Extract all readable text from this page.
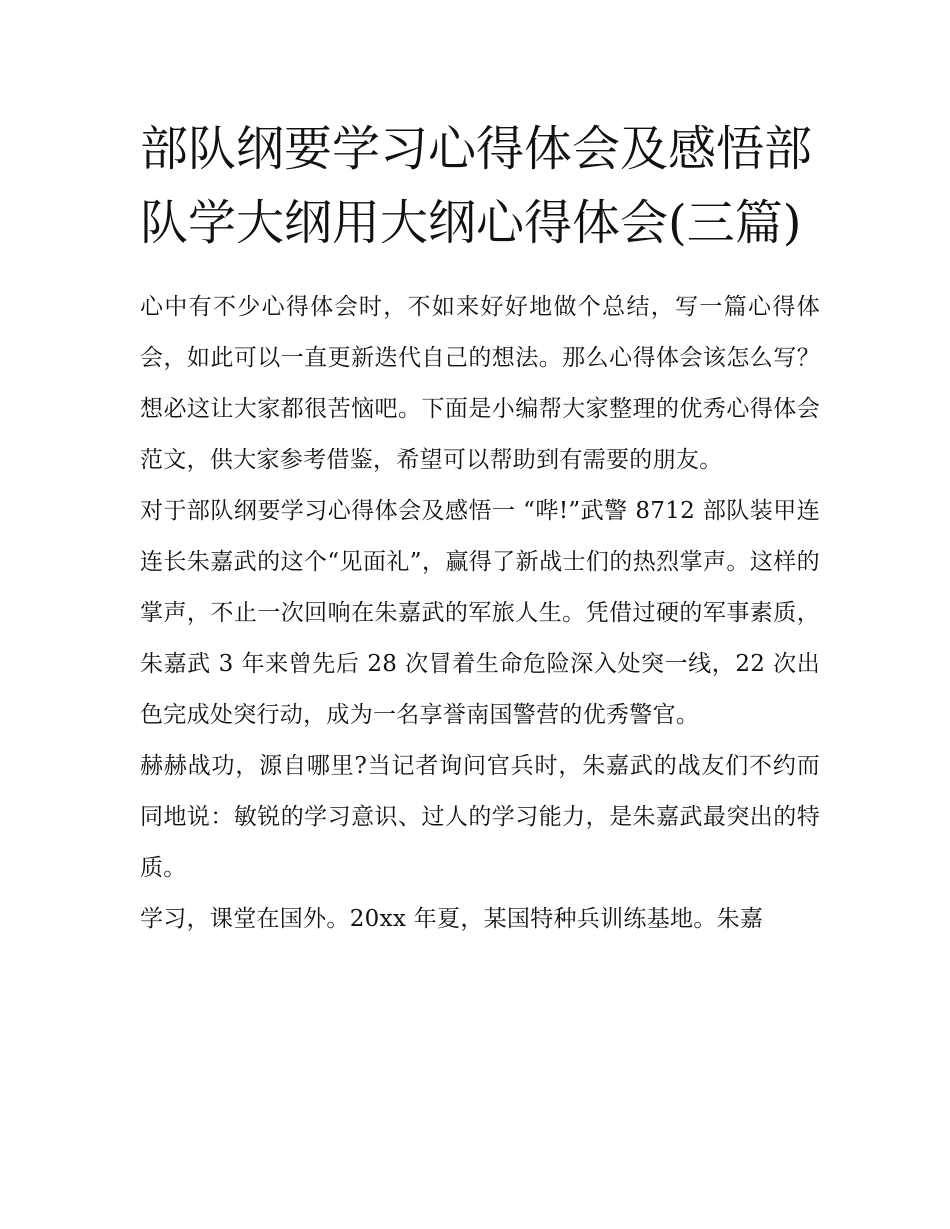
部队纲要学习心得体会及感悟部队学大纲用大纲心得体会(三篇)

心中有不少心得体会时，不如来好好地做个总结，写一篇心得体会，如此可以一直更新迭代自己的想法。那么心得体会该怎么写？想必这让大家都很苦恼吧。下面是小编帮大家整理的优秀心得体会范文，供大家参考借鉴，希望可以帮助到有需要的朋友。

对于部队纲要学习心得体会及感悟一 “哔!”武警 8712 部队装甲连连长朱嘉武的这个“见面礼”，赢得了新战士们的热烈掌声。这样的掌声，不止一次回响在朱嘉武的军旅人生。凭借过硬的军事素质，朱嘉武 3 年来曾先后 28 次冒着生命危险深入处突一线，22 次出色完成处突行动，成为一名享誉南国警营的优秀警官。

赫赫战功，源自哪里?当记者询问官兵时，朱嘉武的战友们不约而同地说：敏锐的学习意识、过人的学习能力，是朱嘉武最突出的特质。

学习，课堂在国外。20xx 年夏，某国特种兵训练基地。朱嘉
